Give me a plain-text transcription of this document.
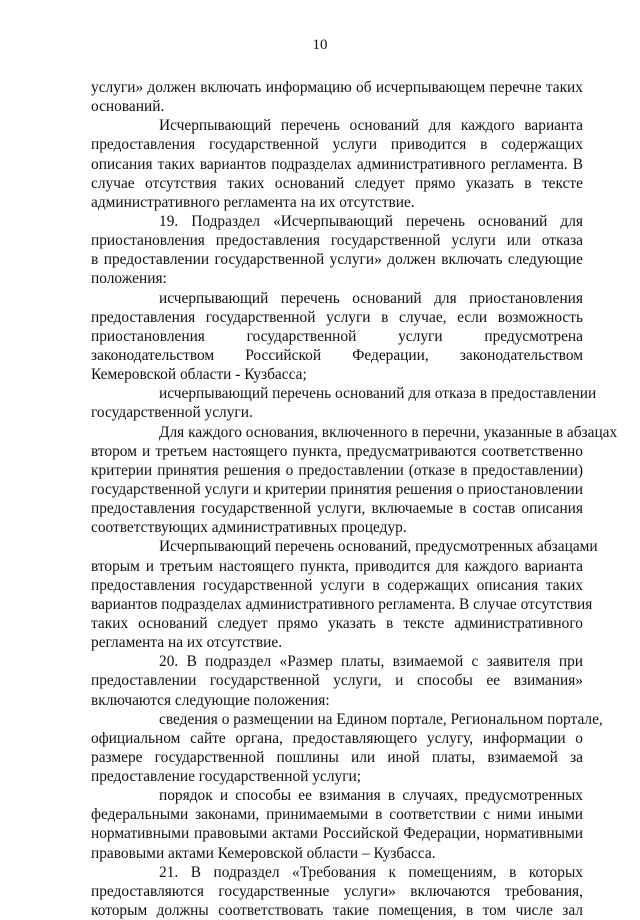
10
услуги» должен включать информацию об исчерпывающем перечне таких
оснований.
Исчерпывающий перечень оснований для каждого варианта
предоставления государственной услуги приводится в содержащих
описания таких вариантов подразделах административного регламента. В
случае отсутствия таких оснований следует прямо указать в тексте
административного регламента на их отсутствие.
19. Подраздел «Исчерпывающий перечень оснований для
приостановления предоставления государственной услуги или отказа
в предоставлении государственной услуги» должен включать следующие
положения:
исчерпывающий перечень оснований для приостановления
предоставления государственной услуги в случае, если возможность
приостановления государственной услуги предусмотрена
законодательством Российской Федерации, законодательством
Кемеровской области - Кузбасса;
исчерпывающий перечень оснований для отказа в предоставлении
государственной услуги.
Для каждого основания, включенного в перечни, указанные в абзацах
втором и третьем настоящего пункта, предусматриваются соответственно
критерии принятия решения о предоставлении (отказе в предоставлении)
государственной услуги и критерии принятия решения о приостановлении
предоставления государственной услуги, включаемые в состав описания
соответствующих административных процедур.
Исчерпывающий перечень оснований, предусмотренных абзацами
вторым и третьим настоящего пункта, приводится для каждого варианта
предоставления государственной услуги в содержащих описания таких
вариантов подразделах административного регламента. В случае отсутствия
таких оснований следует прямо указать в тексте административного
регламента на их отсутствие.
20. В подраздел «Размер платы, взимаемой с заявителя при
предоставлении государственной услуги, и способы ее взимания»
включаются следующие положения:
сведения о размещении на Едином портале, Региональном портале,
официальном сайте органа, предоставляющего услугу, информации о
размере государственной пошлины или иной платы, взимаемой за
предоставление государственной услуги;
порядок и способы ее взимания в случаях, предусмотренных
федеральными законами, принимаемыми в соответствии с ними иными
нормативными правовыми актами Российской Федерации, нормативными
правовыми актами Кемеровской области – Кузбасса.
21. В подраздел «Требования к помещениям, в которых
предоставляются государственные услуги» включаются требования,
которым должны соответствовать такие помещения, в том числе зал
